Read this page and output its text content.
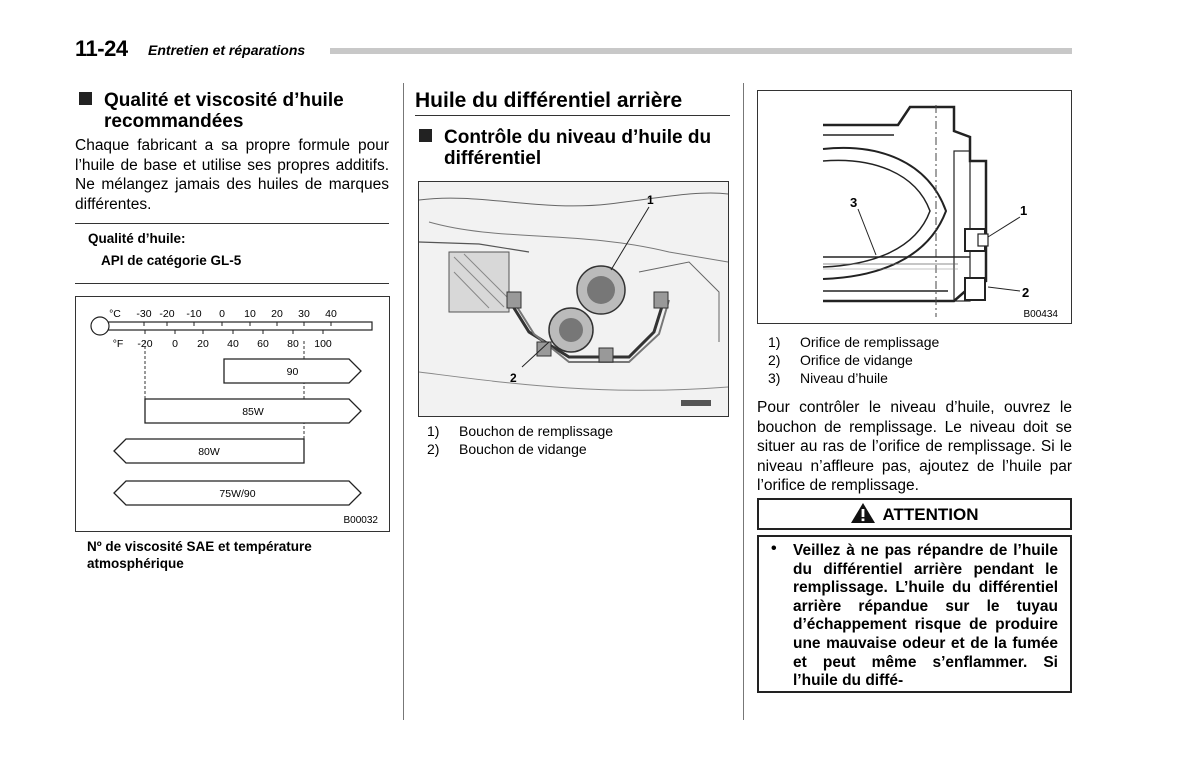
11-24 Entretien et réparations
Qualité et viscosité d’huile
recommandées
Chaque fabricant a sa propre formule pour l’huile de base et utilise ses propres additifs. Ne mélangez jamais des huiles de marques différentes.
Qualité d’huile:
API de catégorie GL-5
°C -30 -20 -10 0 10 20 30 40
°F -20 0 20 40 60 80 100
90
85W
80W
75W/90
B00032
Nº de viscosité SAE et température atmosphérique
Huile du différentiel arrière
Contrôle du niveau d’huile du
différentiel
1
2
1) Bouchon de remplissage
2) Bouchon de vidange
1
2
3
B00434
1) Orifice de remplissage
2) Orifice de vidange
3) Niveau d’huile
Pour contrôler le niveau d’huile, ouvrez le bouchon de remplissage. Le niveau doit se situer au ras de l’orifice de remplissage. Si le niveau n’affleure pas, ajoutez de l’huile par l’orifice de remplissage.
ATTENTION
• Veillez à ne pas répandre de l’huile du différentiel arrière pendant le remplissage. L’huile du différentiel arrière répandue sur le tuyau d’échappement risque de produire une mauvaise odeur et de la fumée et peut même s’enflammer. Si l’huile du diffé-
